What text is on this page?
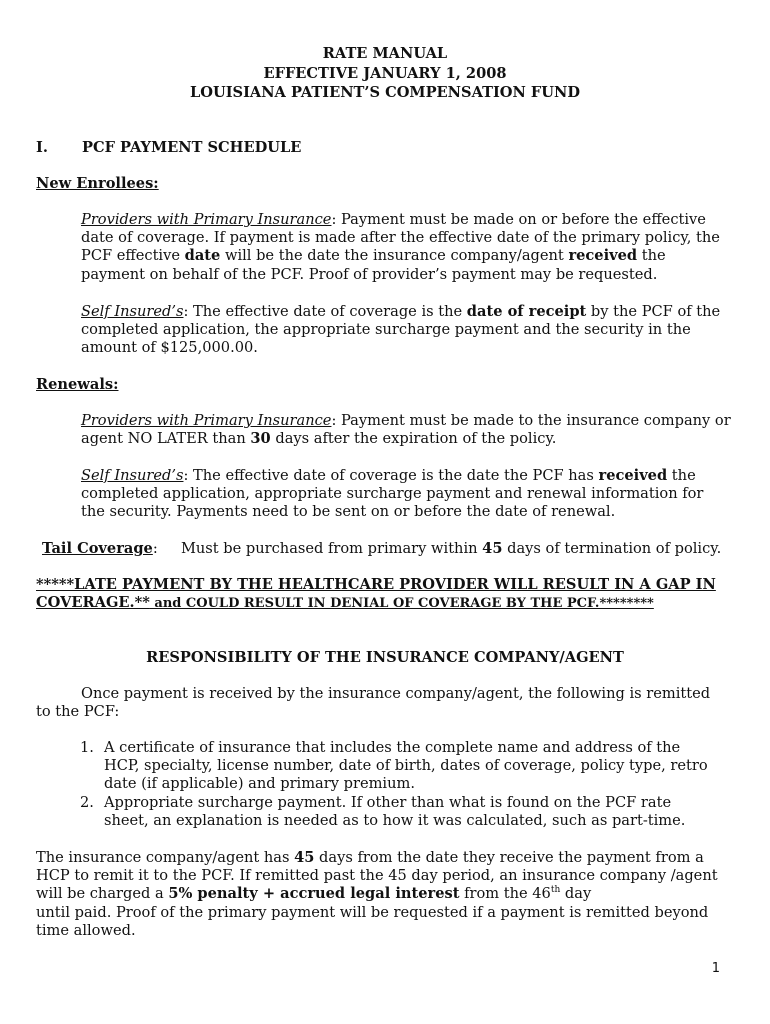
RATE MANUAL
EFFECTIVE JANUARY 1, 2008
LOUISIANA PATIENT’S COMPENSATION FUND
I. PCF PAYMENT SCHEDULE
New Enrollees:

Providers with Primary Insurance: Payment must be made on or before the effective date of coverage. If payment is made after the effective date of the primary policy, the PCF effective date will be the date the insurance company/agent received the payment on behalf of the PCF. Proof of provider’s payment may be requested.

Self Insured’s: The effective date of coverage is the date of receipt by the PCF of the completed application, the appropriate surcharge payment and the security in the amount of $125,000.00.

Renewals:

Providers with Primary Insurance: Payment must be made to the insurance company or agent NO LATER than 30 days after the expiration of the policy.

Self Insured’s: The effective date of coverage is the date the PCF has received the completed application, appropriate surcharge payment and renewal information for the security. Payments need to be sent on or before the date of renewal.

Tail Coverage:     Must be purchased from primary within 45 days of termination of policy.

*****LATE PAYMENT BY THE HEALTHCARE PROVIDER WILL RESULT IN A GAP IN
COVERAGE.** and COULD RESULT IN DENIAL OF COVERAGE BY THE PCF.********
RESPONSIBILITY OF THE INSURANCE COMPANY/AGENT

Once payment is received by the insurance company/agent, the following is remitted to the PCF:

1. A certificate of insurance that includes the complete name and address of the HCP, specialty, license number, date of birth, dates of coverage, policy type, retro date (if applicable) and primary premium.
2. Appropriate surcharge payment. If other than what is found on the PCF rate sheet, an explanation is needed as to how it was calculated, such as part-time.

The insurance company/agent has 45 days from the date they receive the payment from a HCP to remit it to the PCF. If remitted past the 45 day period, an insurance company /agent will be charged a 5% penalty + accrued legal interest from the 46th day
until paid. Proof of the primary payment will be requested if a payment is remitted beyond time allowed.

1
